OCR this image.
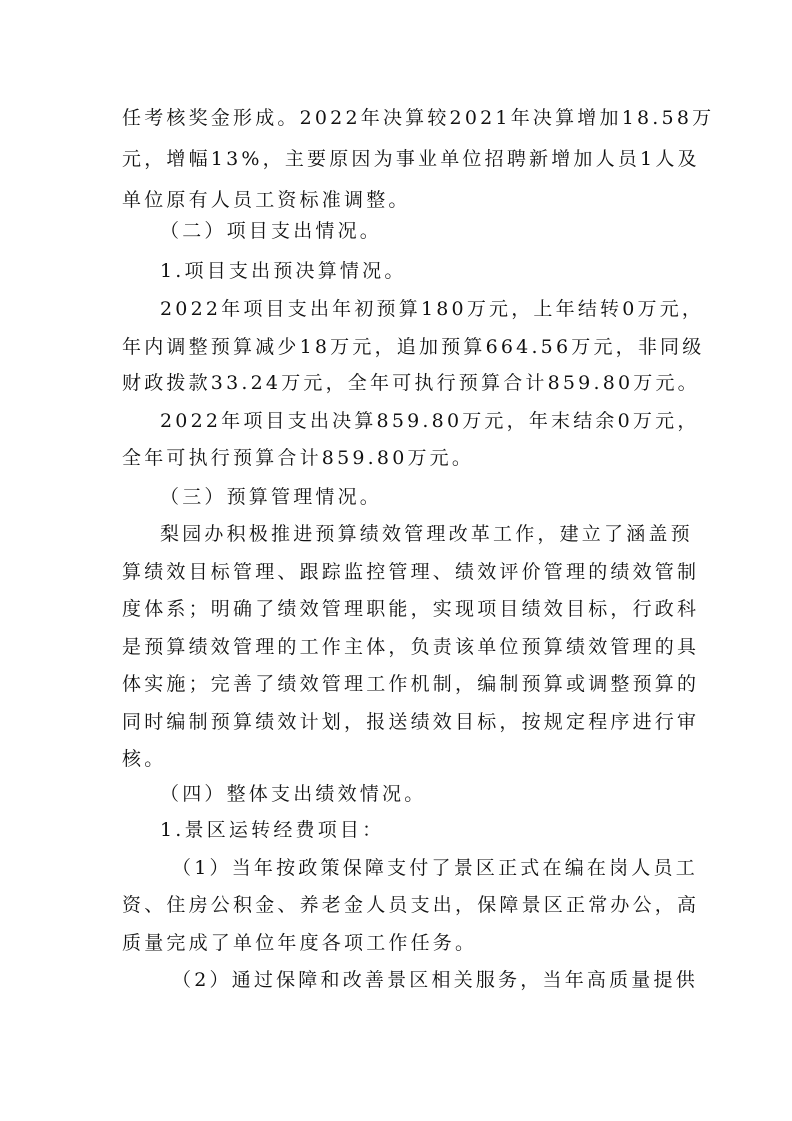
任考核奖金形成。2022年决算较2021年决算增加18.58万
元，增幅13%，主要原因为事业单位招聘新增加人员1人及
单位原有人员工资标准调整。
（二）项目支出情况。
1.项目支出预决算情况。
2022年项目支出年初预算180万元，上年结转0万元，
年内调整预算减少18万元，追加预算664.56万元，非同级
财政拨款33.24万元，全年可执行预算合计859.80万元。
2022年项目支出决算859.80万元，年末结余0万元，
全年可执行预算合计859.80万元。
（三）预算管理情况。
梨园办积极推进预算绩效管理改革工作，建立了涵盖预
算绩效目标管理、跟踪监控管理、绩效评价管理的绩效管制
度体系；明确了绩效管理职能，实现项目绩效目标，行政科
是预算绩效管理的工作主体，负责该单位预算绩效管理的具
体实施；完善了绩效管理工作机制，编制预算或调整预算的
同时编制预算绩效计划，报送绩效目标，按规定程序进行审
核。
（四）整体支出绩效情况。
1.景区运转经费项目：
（1）当年按政策保障支付了景区正式在编在岗人员工
资、住房公积金、养老金人员支出，保障景区正常办公，高
质量完成了单位年度各项工作任务。
（2）通过保障和改善景区相关服务，当年高质量提供
